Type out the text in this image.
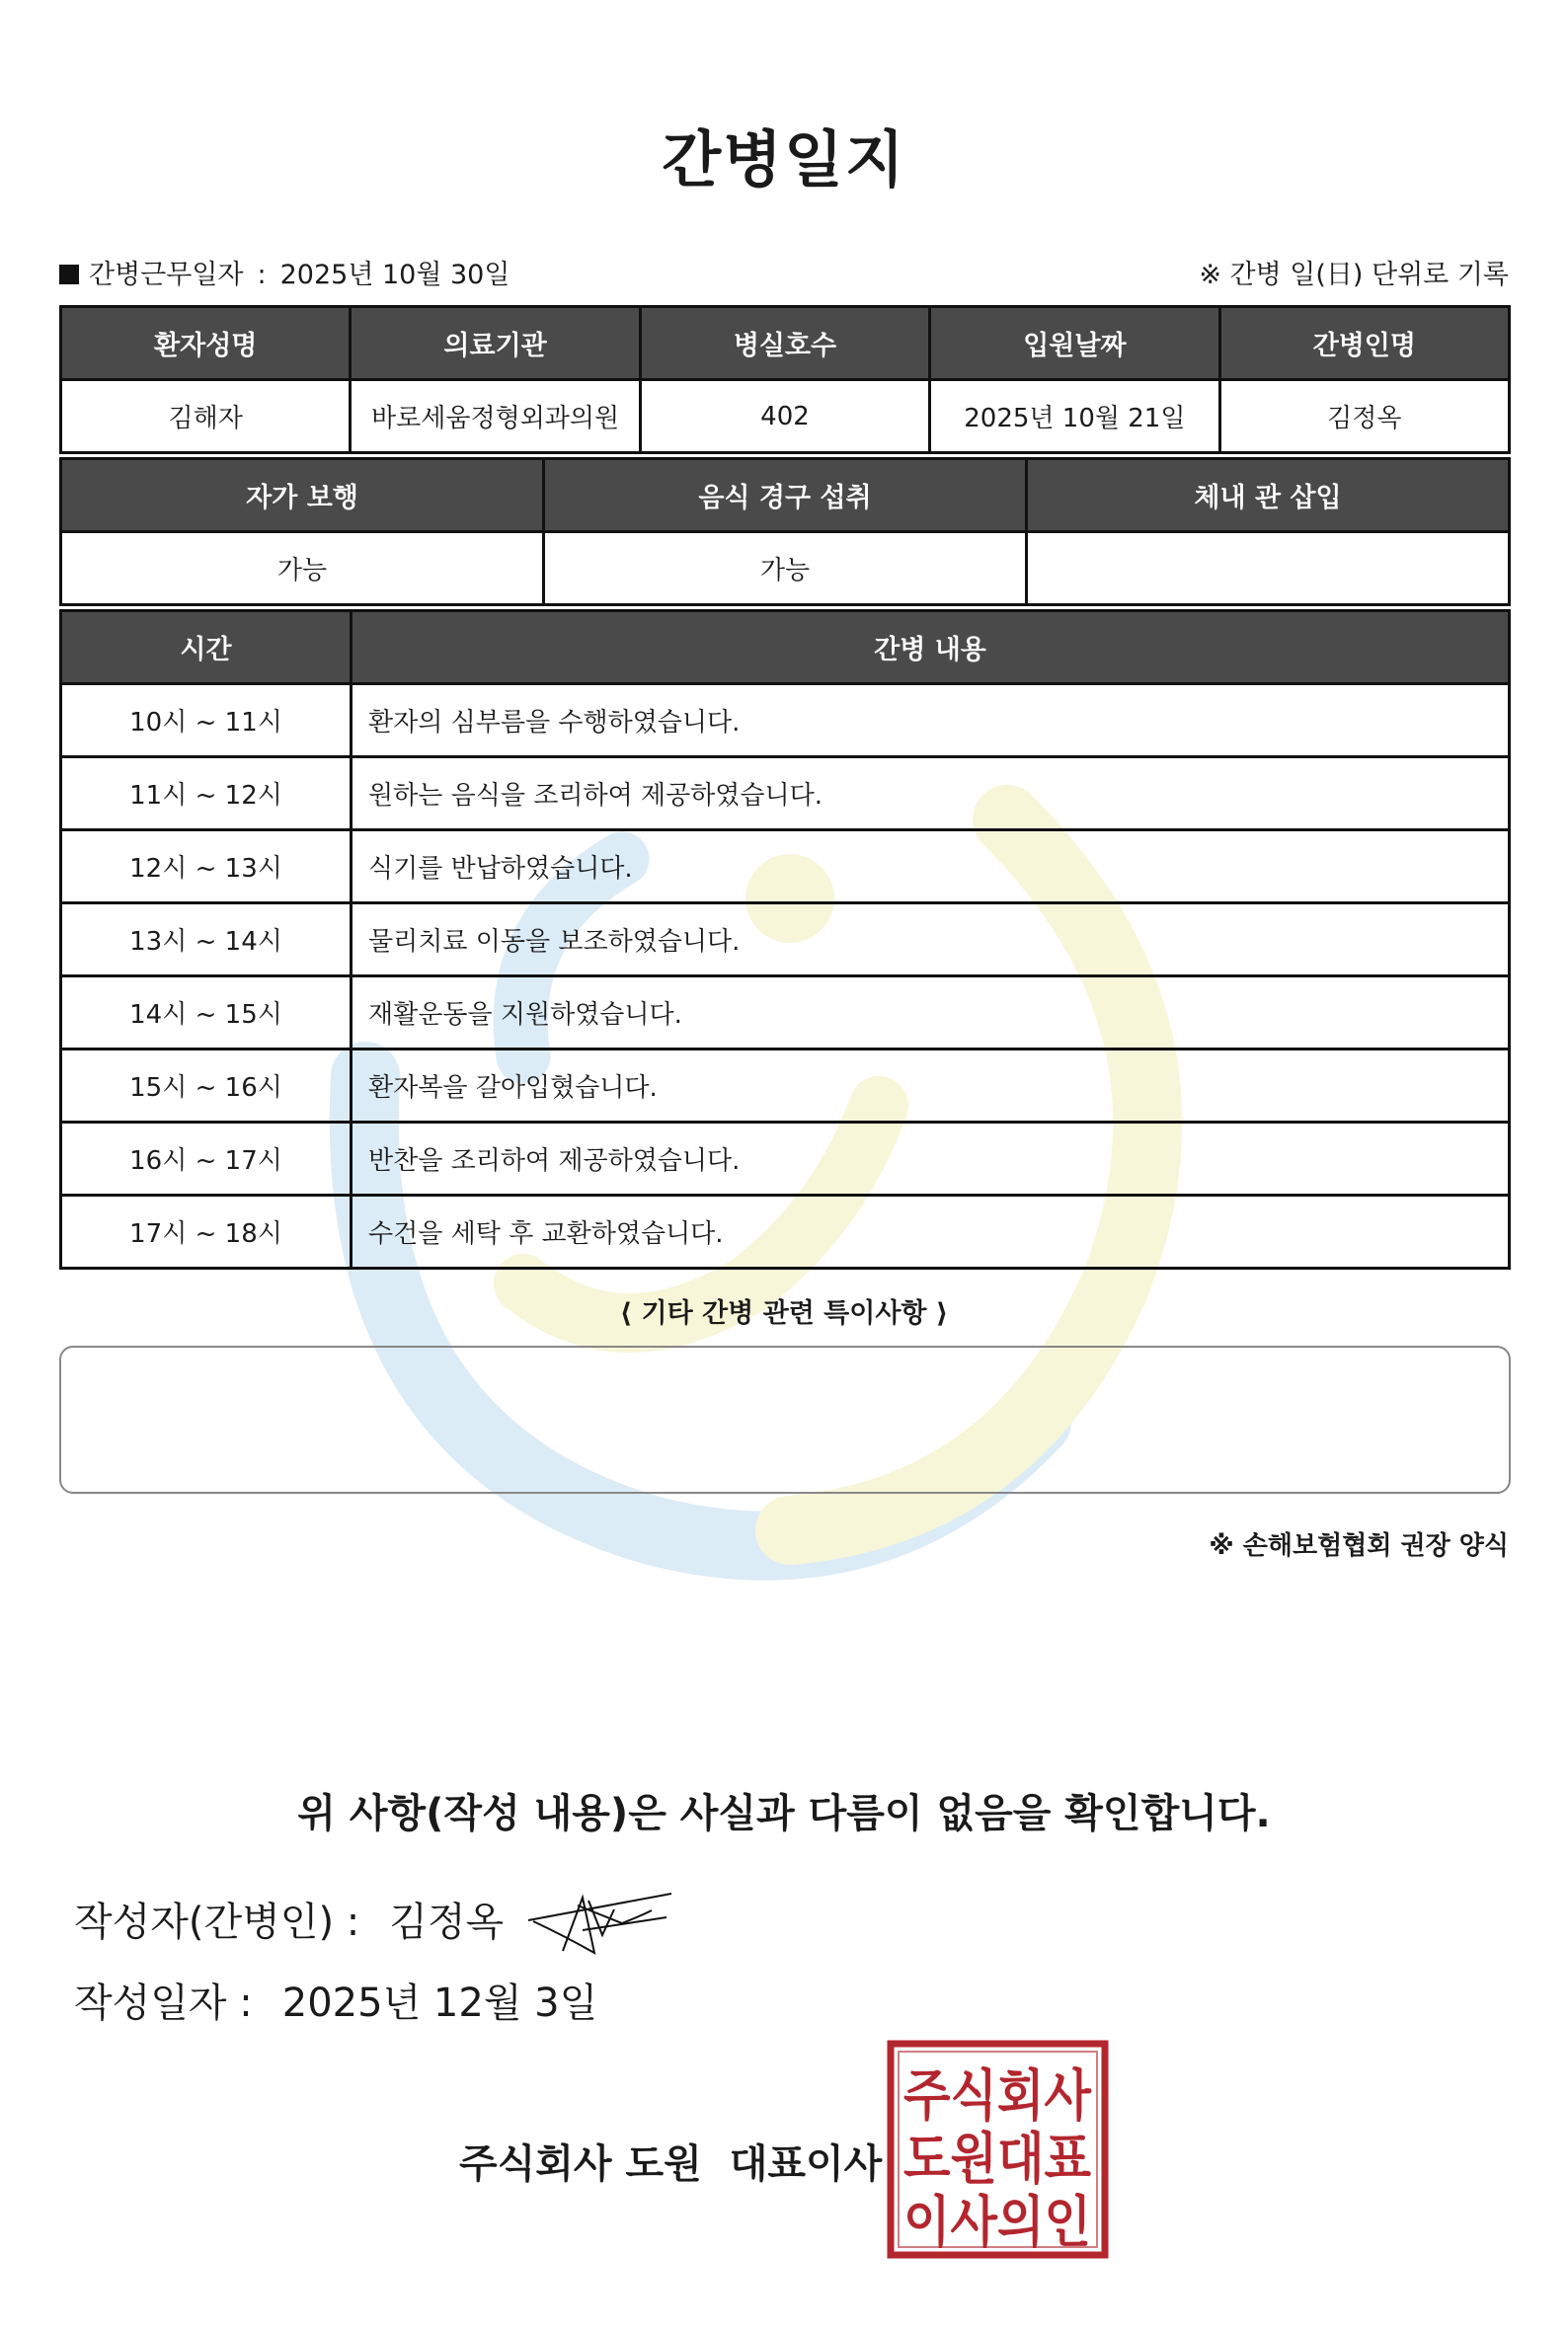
간병일지
간병근무일자 : 2025년 10월 30일	※ 간병 일(日) 단위로 기록
환자성명	의료기관	병실호수	입원날짜	간병인명
김해자	바로세움정형외과의원	402	2025년 10월 21일	김정옥
자가 보행	음식 경구 섭취	체내 관 삽입
가능	가능	
시간	간병 내용
10시 ~ 11시	환자의 심부름을 수행하였습니다.
11시 ~ 12시	원하는 음식을 조리하여 제공하였습니다.
12시 ~ 13시	식기를 반납하였습니다.
13시 ~ 14시	물리치료 이동을 보조하였습니다.
14시 ~ 15시	재활운동을 지원하였습니다.
15시 ~ 16시	환자복을 갈아입혔습니다.
16시 ~ 17시	반찬을 조리하여 제공하였습니다.
17시 ~ 18시	수건을 세탁 후 교환하였습니다.
⟨ 기타 간병 관련 특이사항 ⟩
※ 손해보험협회 권장 양식
위 사항(작성 내용)은 사실과 다름이 없음을 확인합니다.
작성자(간병인) : 김정옥
작성일자 : 2025년 12월 3일
주식회사 도원 대표이사
주식회사
도원대표
이사의인
